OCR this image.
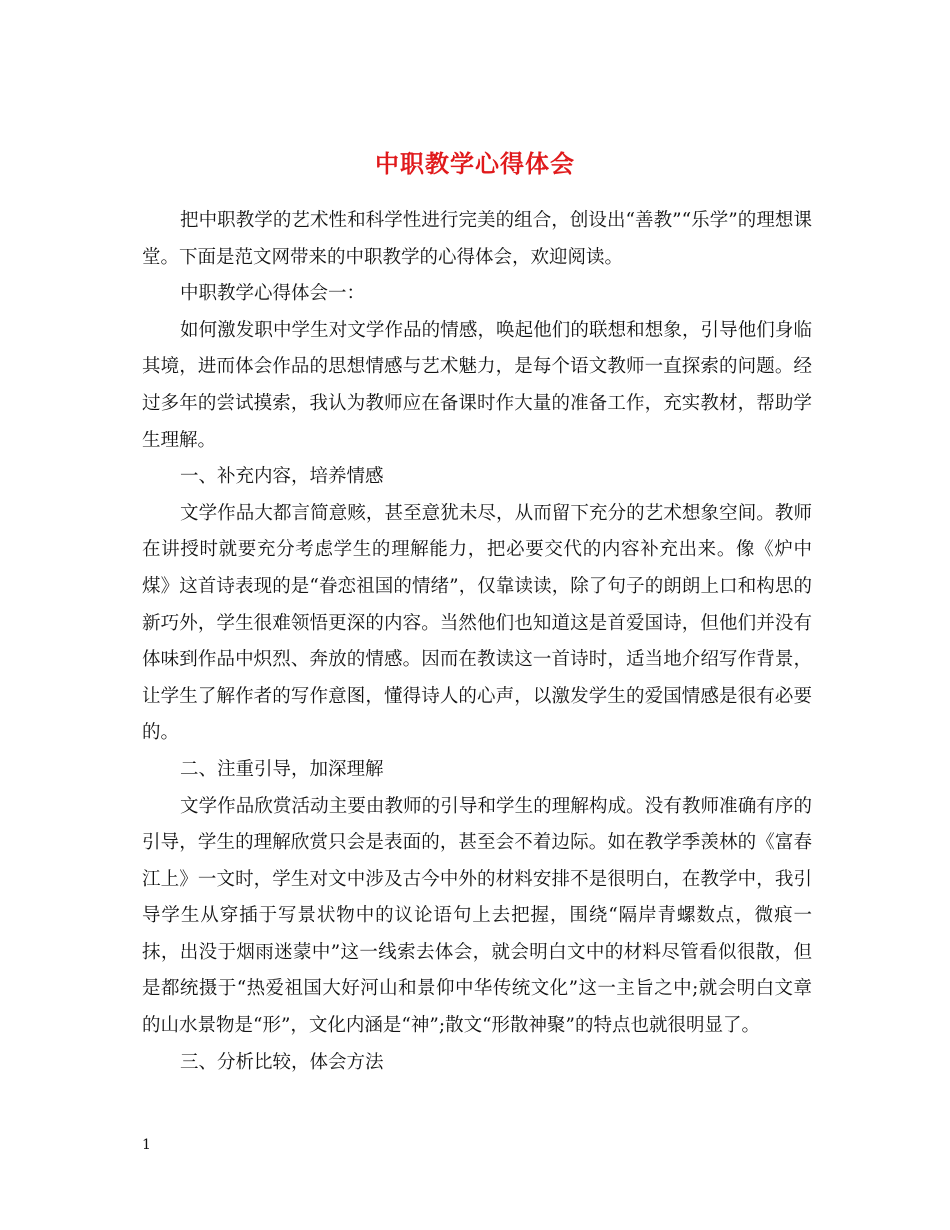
中职教学心得体会

把中职教学的艺术性和科学性进行完美的组合，创设出“善教”“乐学”的理想课堂。下面是范文网带来的中职教学的心得体会，欢迎阅读。

中职教学心得体会一：

如何激发职中学生对文学作品的情感，唤起他们的联想和想象，引导他们身临其境，进而体会作品的思想情感与艺术魅力，是每个语文教师一直探索的问题。经过多年的尝试摸索，我认为教师应在备课时作大量的准备工作，充实教材，帮助学生理解。

一、补充内容，培养情感

文学作品大都言简意赅，甚至意犹未尽，从而留下充分的艺术想象空间。教师在讲授时就要充分考虑学生的理解能力，把必要交代的内容补充出来。像《炉中煤》这首诗表现的是“眷恋祖国的情绪”，仅靠读读，除了句子的朗朗上口和构思的新巧外，学生很难领悟更深的内容。当然他们也知道这是首爱国诗，但他们并没有体味到作品中炽烈、奔放的情感。因而在教读这一首诗时，适当地介绍写作背景，让学生了解作者的写作意图，懂得诗人的心声，以激发学生的爱国情感是很有必要的。

二、注重引导，加深理解

文学作品欣赏活动主要由教师的引导和学生的理解构成。没有教师准确有序的引导，学生的理解欣赏只会是表面的，甚至会不着边际。如在教学季羡林的《富春江上》一文时，学生对文中涉及古今中外的材料安排不是很明白，在教学中，我引导学生从穿插于写景状物中的议论语句上去把握，围绕“隔岸青螺数点，微痕一抹，出没于烟雨迷蒙中”这一线索去体会，就会明白文中的材料尽管看似很散，但是都统摄于“热爱祖国大好河山和景仰中华传统文化”这一主旨之中;就会明白文章的山水景物是“形”，文化内涵是“神”;散文“形散神聚”的特点也就很明显了。

三、分析比较，体会方法

1
